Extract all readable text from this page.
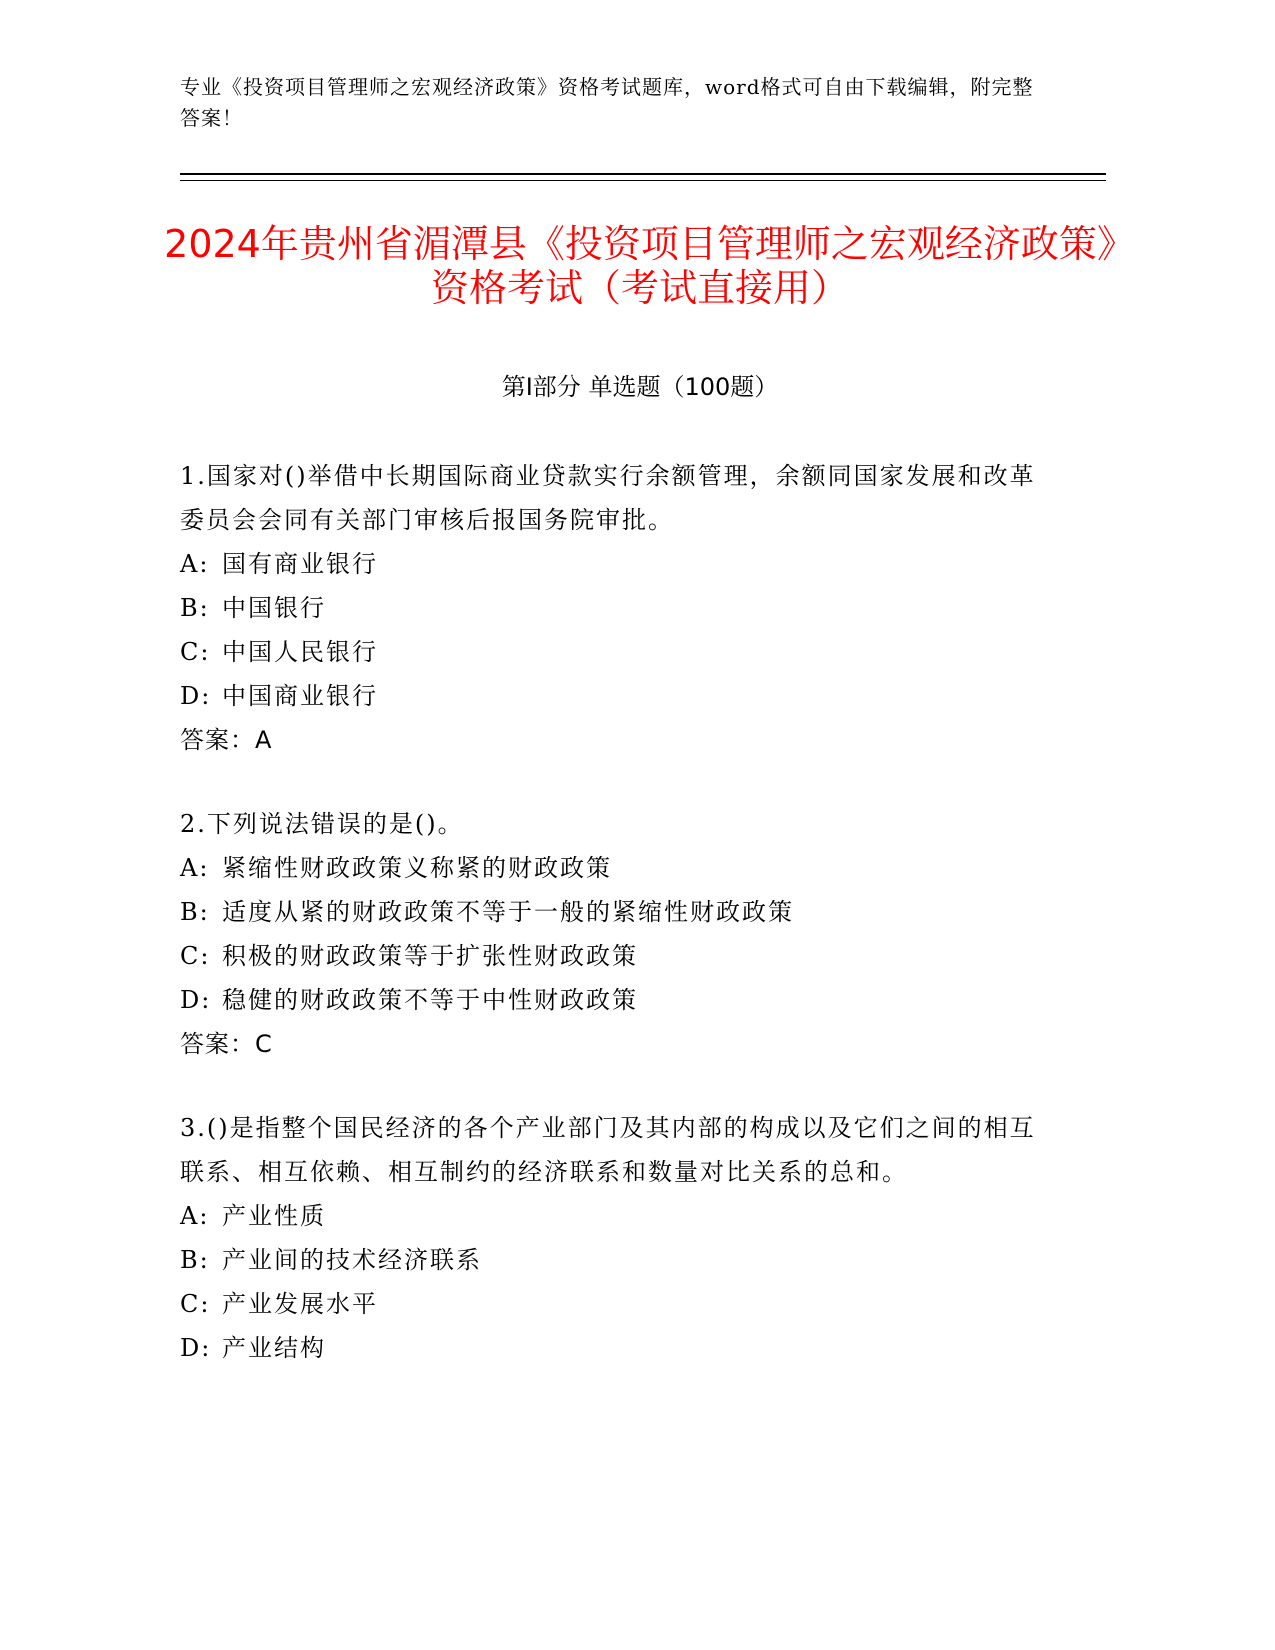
专业《投资项目管理师之宏观经济政策》资格考试题库，word格式可自由下载编辑，附完整答案！
2024年贵州省湄潭县《投资项目管理师之宏观经济政策》资格考试（考试直接用）
第Ⅰ部分 单选题（100题）
1.国家对()举借中长期国际商业贷款实行余额管理，余额同国家发展和改革委员会会同有关部门审核后报国务院审批。
A: 国有商业银行
B: 中国银行
C: 中国人民银行
D: 中国商业银行
答案：A
2.下列说法错误的是()。
A: 紧缩性财政政策义称紧的财政政策
B: 适度从紧的财政政策不等于一般的紧缩性财政政策
C: 积极的财政政策等于扩张性财政政策
D: 稳健的财政政策不等于中性财政政策
答案：C
3.()是指整个国民经济的各个产业部门及其内部的构成以及它们之间的相互联系、相互依赖、相互制约的经济联系和数量对比关系的总和。
A: 产业性质
B: 产业间的技术经济联系
C: 产业发展水平
D: 产业结构
